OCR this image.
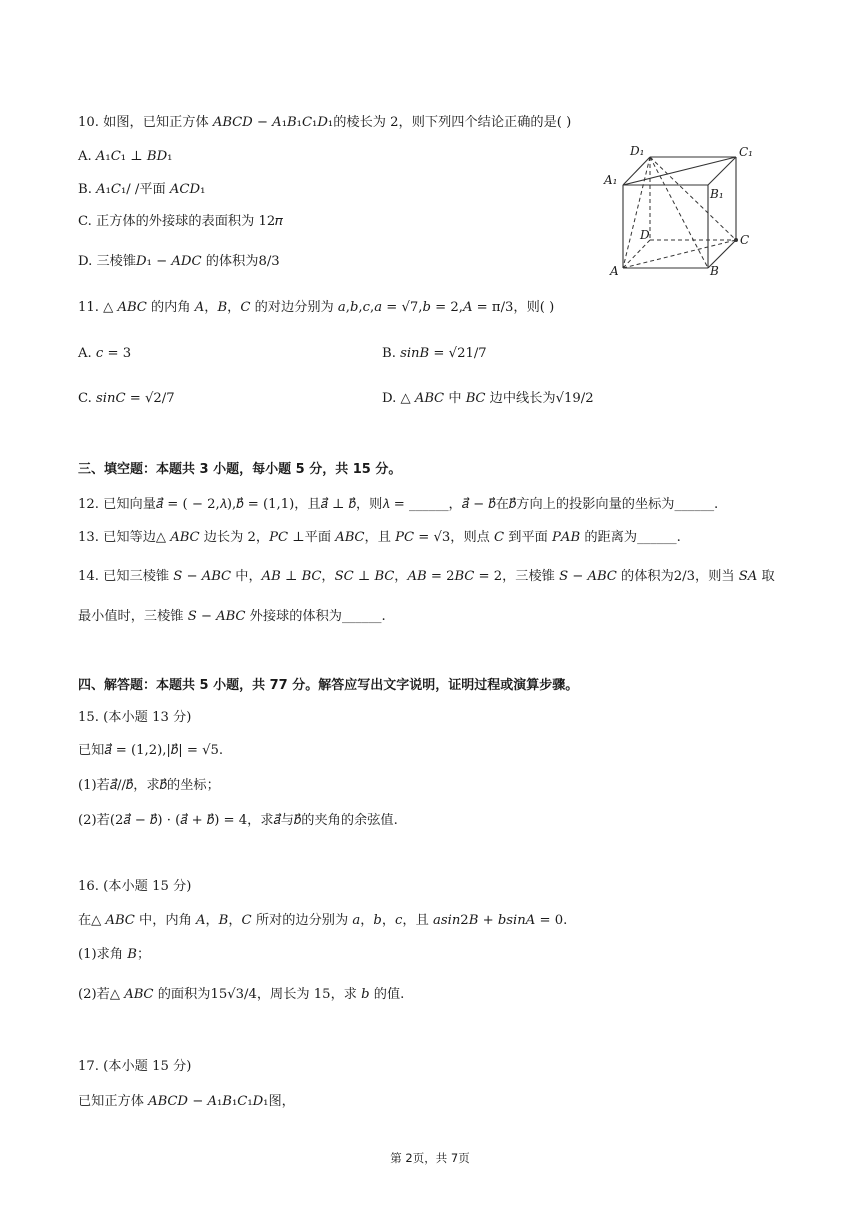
10. 如图，已知正方体 𝐴𝐵𝐶𝐷 − 𝐴₁𝐵₁𝐶₁𝐷₁的棱长为 2，则下列四个结论正确的是( )
A. 𝐴₁𝐶₁ ⊥ 𝐵𝐷₁
B. 𝐴₁𝐶₁/ /平面 𝐴𝐶𝐷₁
C. 正方体的外接球的表面积为 12𝜋
D. 三棱锥𝐷₁ − 𝐴𝐷𝐶 的体积为8/3
D₁	C₁
A₁
B₁
D	C
A	B
11. △ 𝐴𝐵𝐶 的内角 𝐴，𝐵，𝐶 的对边分别为 𝑎,𝑏,𝑐,𝑎 = √7,𝑏 = 2,𝐴 = π/3，则( )
A. 𝑐 = 3	B. 𝑠𝑖𝑛𝐵 = √21/7
C. 𝑠𝑖𝑛𝐶 = √2/7	D. △ 𝐴𝐵𝐶 中 𝐵𝐶 边中线长为√19/2
三、填空题：本题共 3 小题，每小题 5 分，共 15 分。
12. 已知向量𝑎⃗ = ( − 2,𝜆),𝑏⃗ = (1,1)，且𝑎⃗ ⊥ 𝑏⃗，则𝜆 = ______，𝑎⃗ − 𝑏⃗在𝑏⃗方向上的投影向量的坐标为______.
13. 已知等边△ 𝐴𝐵𝐶 边长为 2，𝑃𝐶 ⊥平面 𝐴𝐵𝐶，且 𝑃𝐶 = √3，则点 𝐶 到平面 𝑃𝐴𝐵 的距离为______.
14. 已知三棱锥 𝑆 − 𝐴𝐵𝐶 中，𝐴𝐵 ⊥ 𝐵𝐶，𝑆𝐶 ⊥ 𝐵𝐶，𝐴𝐵 = 2𝐵𝐶 = 2，三棱锥 𝑆 − 𝐴𝐵𝐶 的体积为2/3，则当 𝑆𝐴 取
最小值时，三棱锥 𝑆 − 𝐴𝐵𝐶 外接球的体积为______.
四、解答题：本题共 5 小题，共 77 分。解答应写出文字说明，证明过程或演算步骤。
15. (本小题 13 分)
已知𝑎⃗ = (1,2),|𝑏⃗| = √5.
(1)若𝑎⃗//𝑏⃗，求𝑏⃗的坐标；
(2)若(2𝑎⃗ − 𝑏⃗) · (𝑎⃗ + 𝑏⃗) = 4，求𝑎⃗与𝑏⃗的夹角的余弦值.
16. (本小题 15 分)
在△ 𝐴𝐵𝐶 中，内角 𝐴，𝐵，𝐶 所对的边分别为 𝑎，𝑏，𝑐，且 𝑎𝑠𝑖𝑛2𝐵 + 𝑏𝑠𝑖𝑛𝐴 = 0.
(1)求角 𝐵；
(2)若△ 𝐴𝐵𝐶 的面积为15√3/4，周长为 15，求 𝑏 的值.
17. (本小题 15 分)
已知正方体 𝐴𝐵𝐶𝐷 − 𝐴₁𝐵₁𝐶₁𝐷₁图，
第 2页，共 7页
